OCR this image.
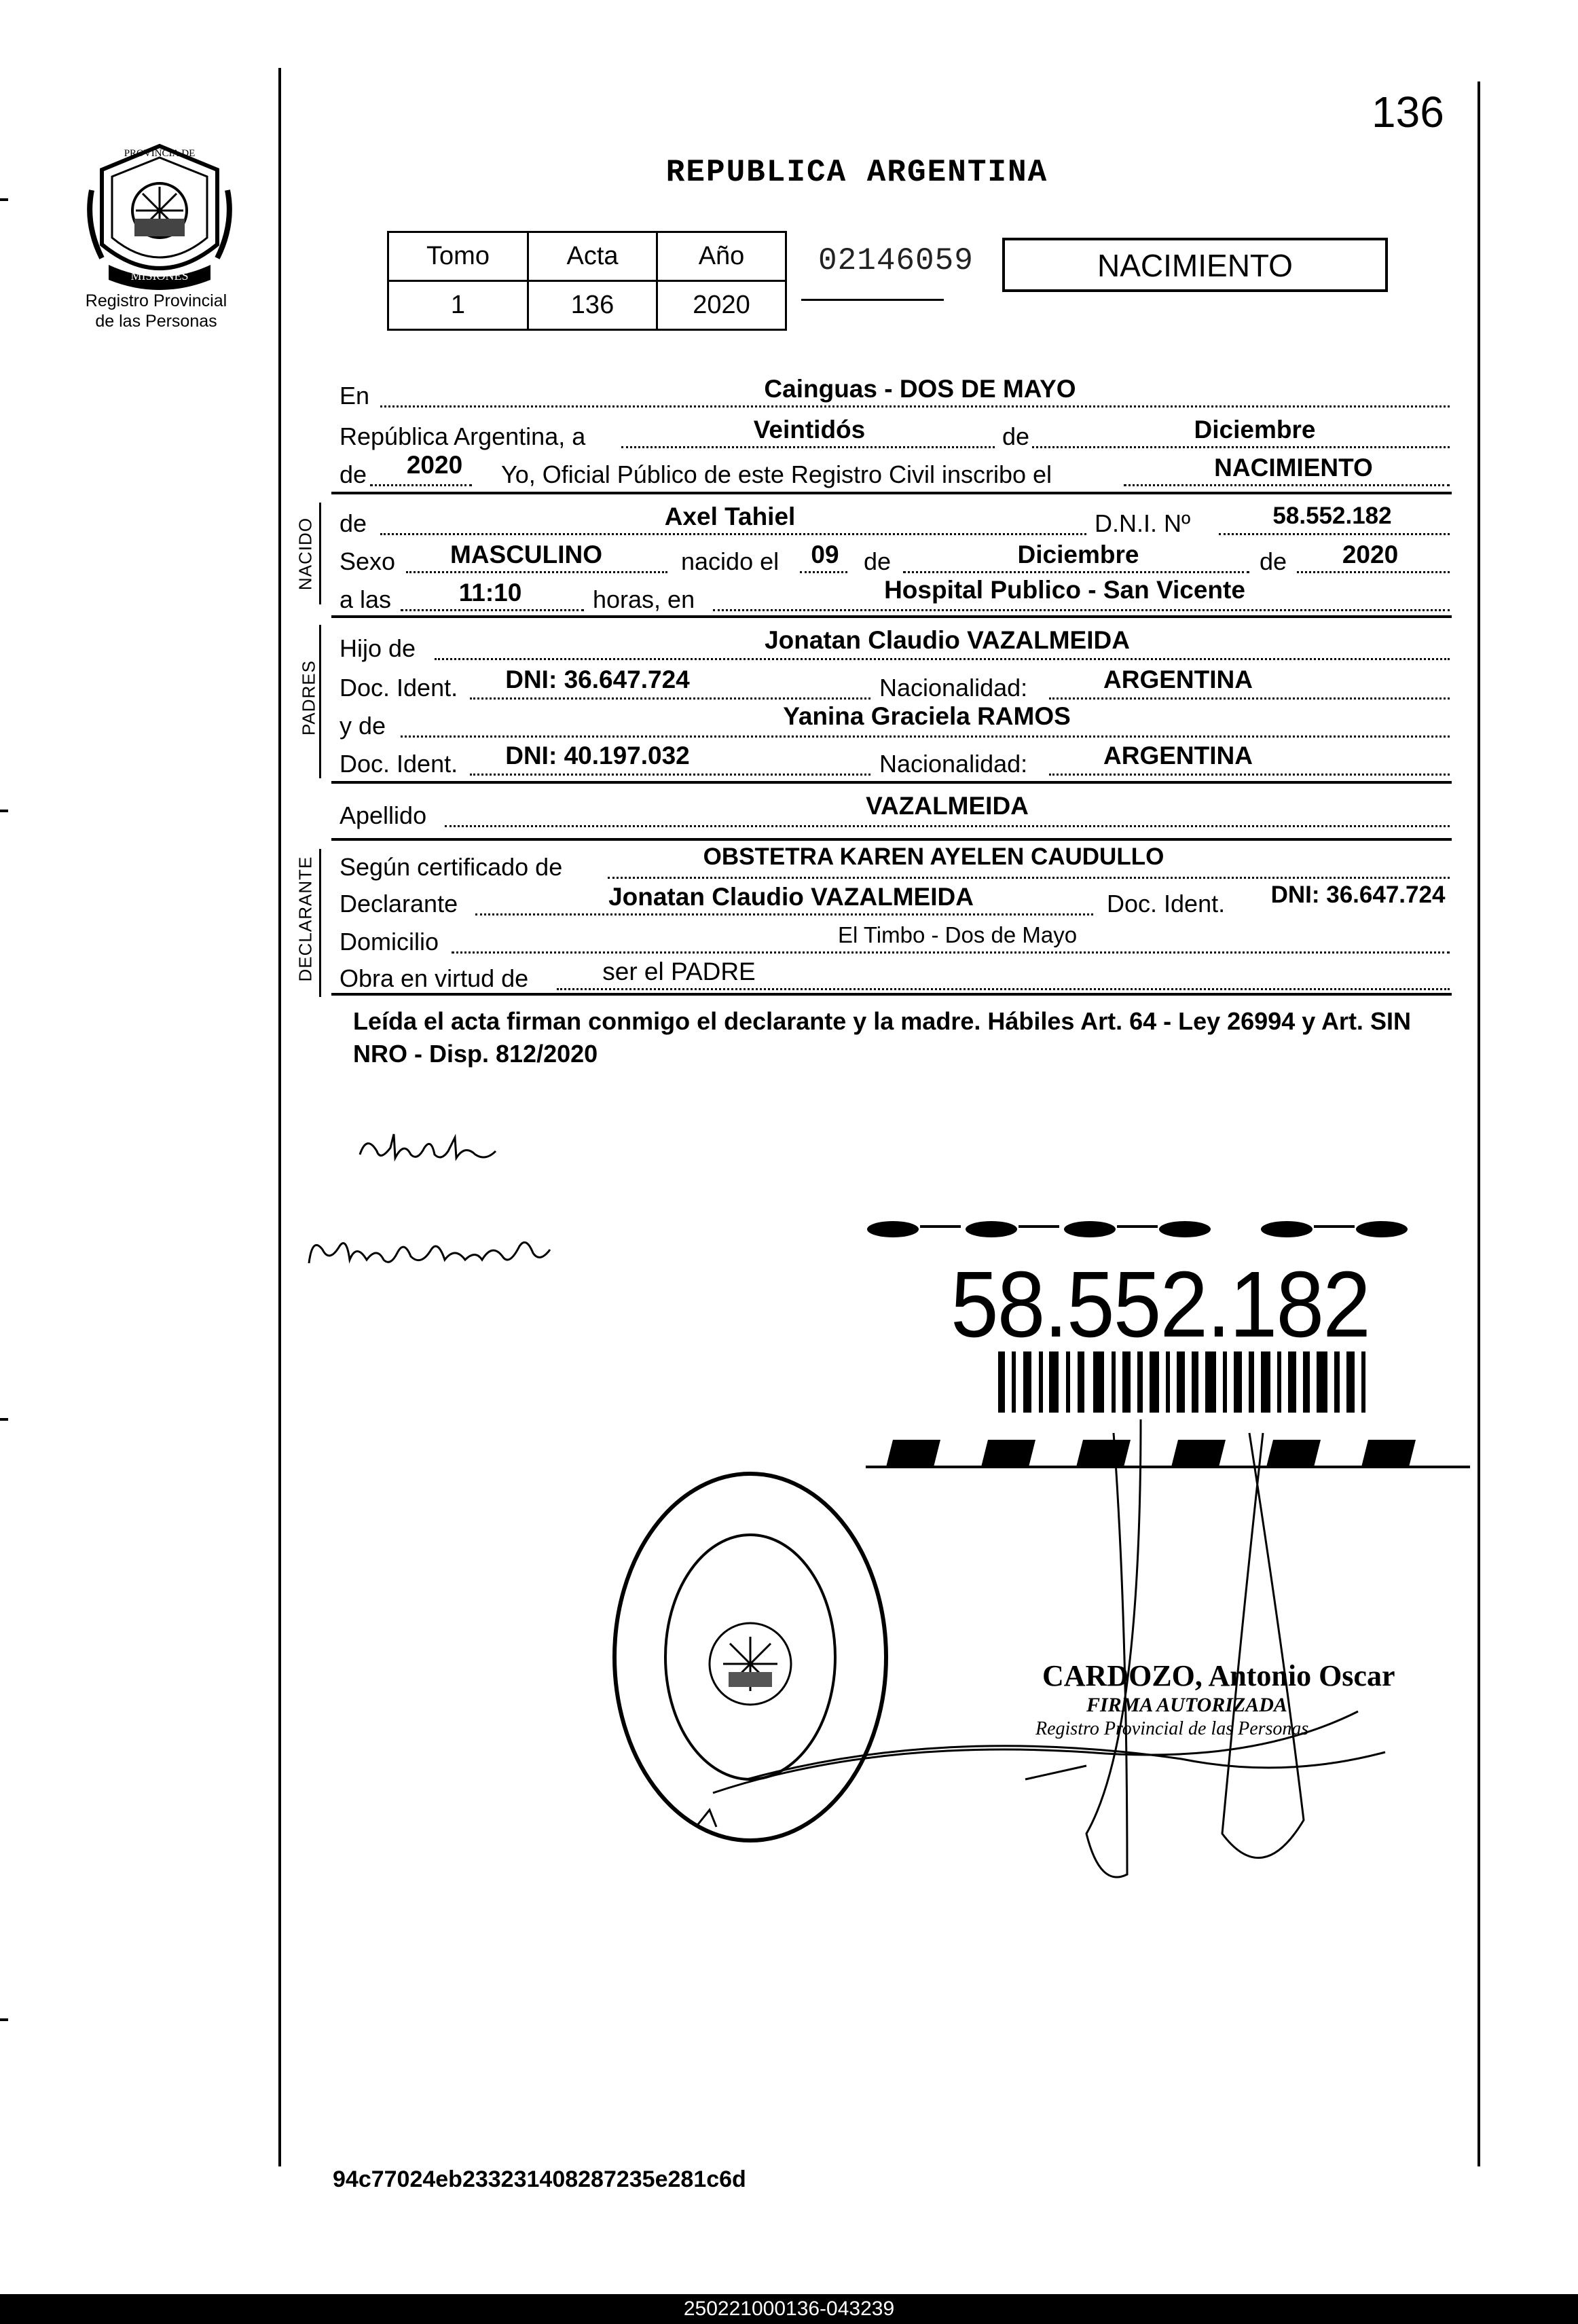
MISIONES
PROVINCIA DE
Registro Provincial
de las Personas
136
REPUBLICA ARGENTINA
Tomo	Acta	Año
1	136	2020
02146059	NACIMIENTO
En	Cainguas - DOS DE MAYO
República Argentina, a	Veintidós	de	Diciembre
de 2020 Yo, Oficial Público de este Registro Civil inscribo el	NACIMIENTO
NACIDO de	Axel Tahiel	D.N.I. Nº	58.552.182
Sexo MASCULINO	nacido el 09 de	Diciembre	de 2020
a las	11:10	horas, en	Hospital Publico - San Vicente
PADRES
Hijo de	Jonatan Claudio VAZALMEIDA
Doc. Ident. DNI: 36.647.724	Nacionalidad:	ARGENTINA
y de	Yanina Graciela RAMOS
Doc. Ident. DNI: 40.197.032	Nacionalidad:	ARGENTINA
Apellido	VAZALMEIDA
DECLARANTE Según certificado de	OBSTETRA KAREN AYELEN CAUDULLO
Declarante	Jonatan Claudio VAZALMEIDA	Doc. Ident. DNI: 36.647.724
Domicilio	El Timbo - Dos de Mayo
Obra en virtud de	ser el PADRE
Leída el acta firman conmigo el declarante y la madre. Hábiles Art. 64 - Ley 26994 y Art. SIN NRO - Disp. 812/2020
58.552.182
CARDOZO, Antonio Oscar
FIRMA AUTORIZADA
Registro Provincial de las Personas
94c77024eb233231408287235e281c6d
250221000136-043239
